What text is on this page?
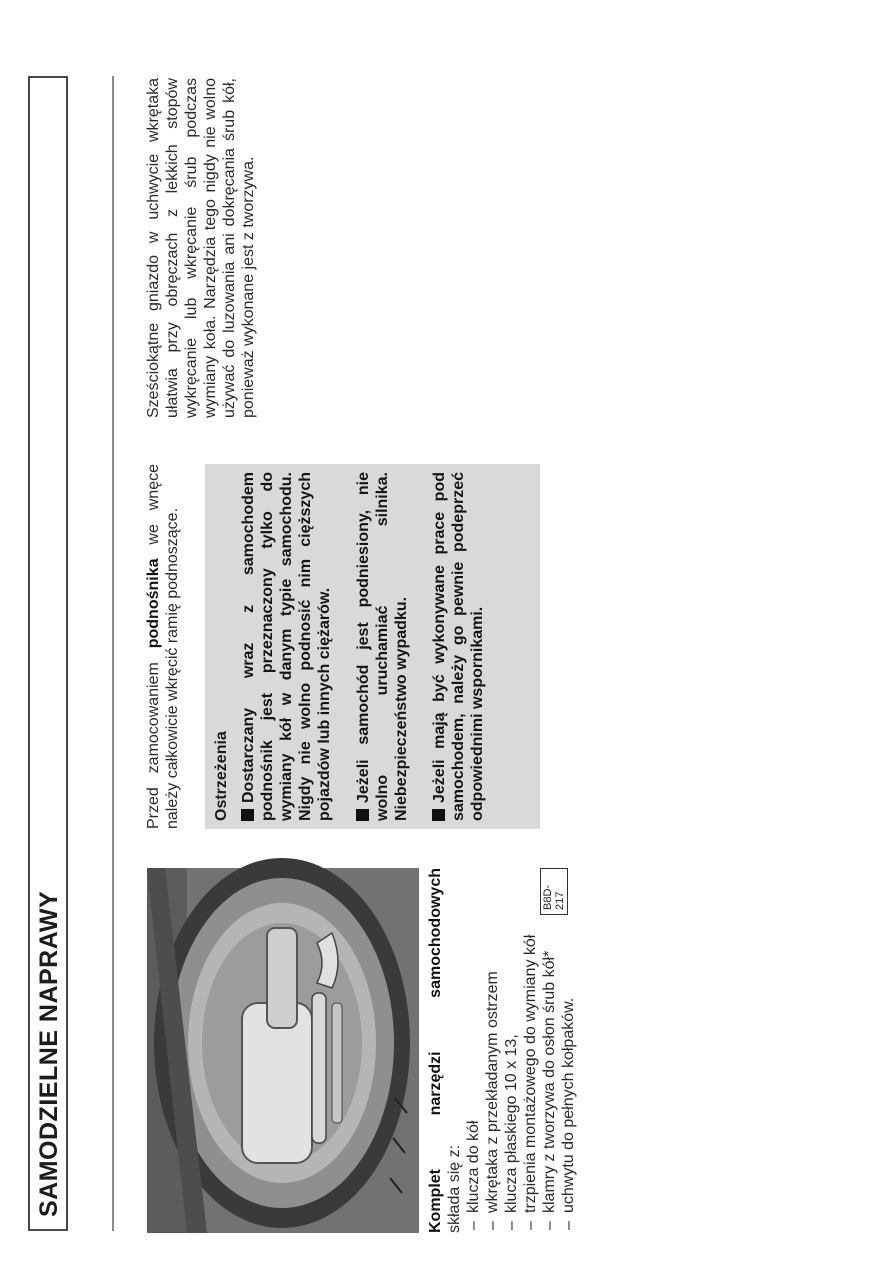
SAMODZIELNE NAPRAWY	B8D-217
Komplet narzędzi samochodowych składa się z: – klucza do kół – wkrętaka z przekładanym ostrzem – klucza płaskiego 10 x 13, – trzpienia montażowego do wymiany kół – klamry z tworzywa do osłon śrub kół* – uchwytu do pełnych kołpaków.

Przed zamocowaniem podnośnika we wnęce należy całkowicie wkręcić ramię podnoszące. Ostrzeżenia Dostarczany wraz z samochodem podnośnik jest przeznaczony tylko do wymiany kół w danym typie samochodu. Nigdy nie wolno podnosić nim cięższych pojazdów lub innych ciężarów. Jeżeli samochód jest podniesiony, nie wolno uruchamiać silnika. Niebezpieczeństwo wypadku. Jeżeli mają być wykonywane prace pod samochodem, należy go pewnie podeprzeć odpowiednimi wspornikami.

Sześciokątne gniazdo w uchwycie wkrętaka ułatwia przy obręczach z lekkich stopów wykręcanie lub wkręcanie śrub podczas wymiany koła. Narzędzia tego nigdy nie wolno używać do luzowania ani dokręcania śrub kół, ponieważ wykonane jest z tworzywa.
